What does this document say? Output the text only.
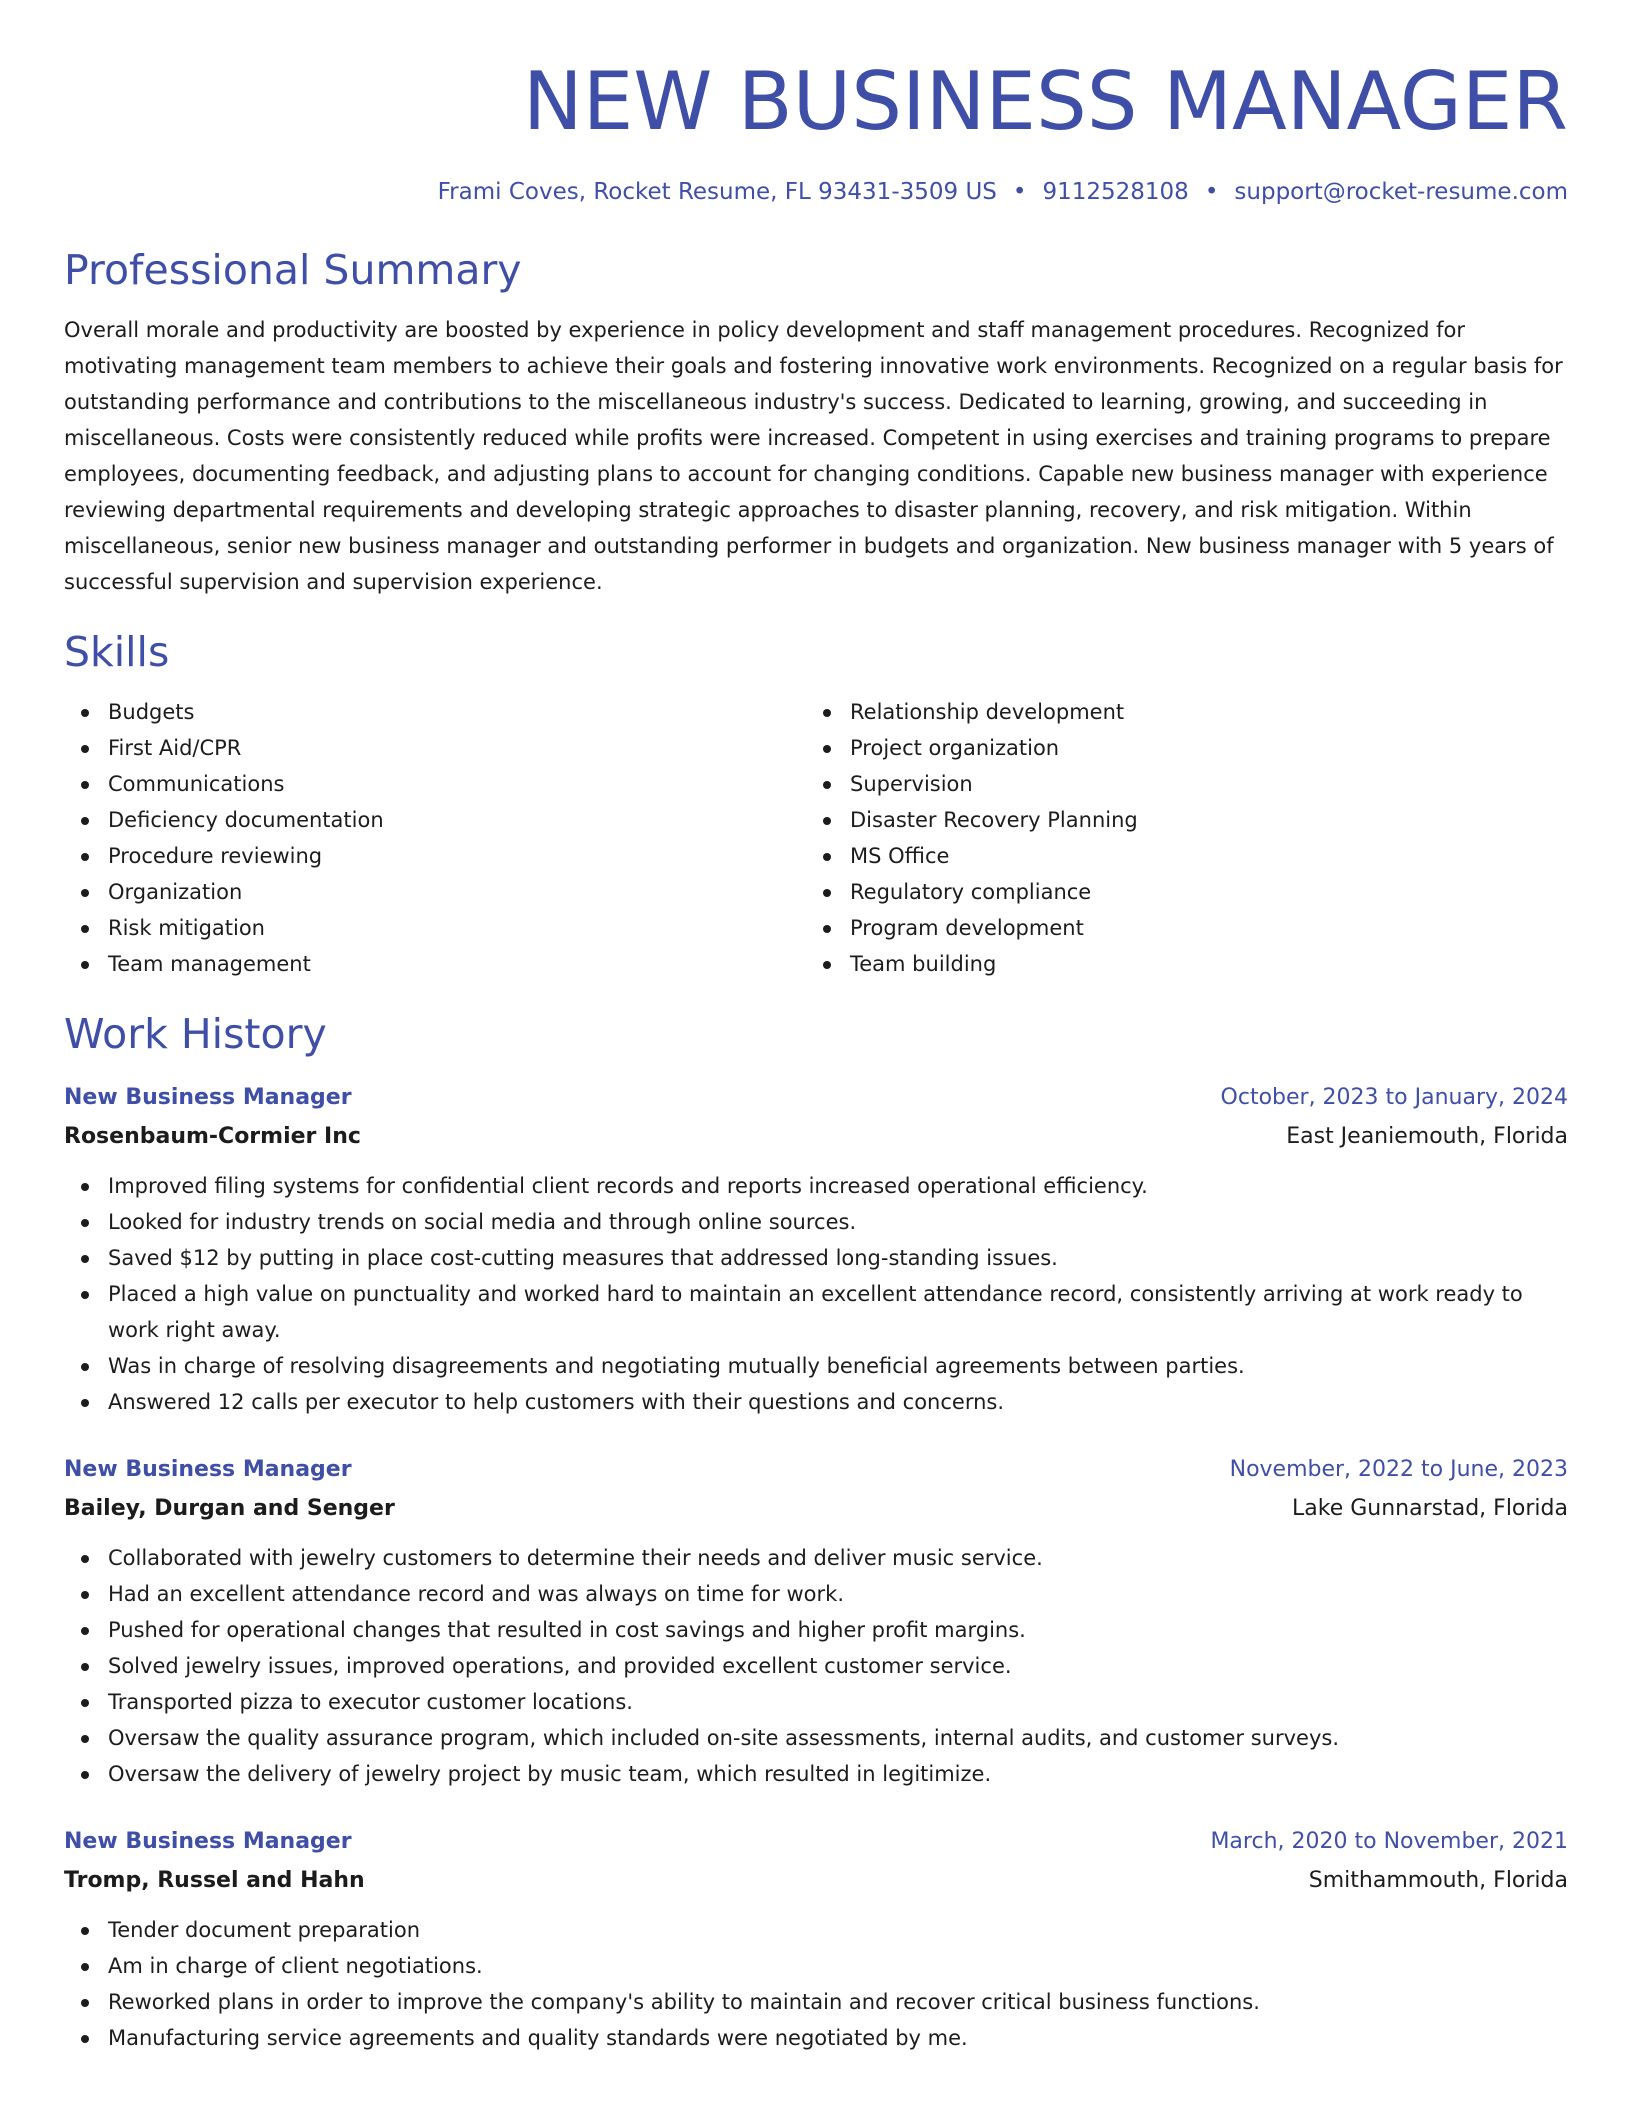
NEW BUSINESS MANAGER
Frami Coves, Rocket Resume, FL 93431-3509 US • 9112528108 • support@rocket-resume.com
Professional Summary
Overall morale and productivity are boosted by experience in policy development and staff management procedures. Recognized for motivating management team members to achieve their goals and fostering innovative work environments. Recognized on a regular basis for outstanding performance and contributions to the miscellaneous industry's success. Dedicated to learning, growing, and succeeding in miscellaneous. Costs were consistently reduced while profits were increased. Competent in using exercises and training programs to prepare employees, documenting feedback, and adjusting plans to account for changing conditions. Capable new business manager with experience reviewing departmental requirements and developing strategic approaches to disaster planning, recovery, and risk mitigation. Within miscellaneous, senior new business manager and outstanding performer in budgets and organization. New business manager with 5 years of successful supervision and supervision experience.
Skills
Budgets
First Aid/CPR
Communications
Deficiency documentation
Procedure reviewing
Organization
Risk mitigation
Team management
Relationship development
Project organization
Supervision
Disaster Recovery Planning
MS Office
Regulatory compliance
Program development
Team building
Work History
New Business Manager	October, 2023 to January, 2024
Rosenbaum-Cormier Inc	East Jeaniemouth, Florida
Improved filing systems for confidential client records and reports increased operational efficiency.
Looked for industry trends on social media and through online sources.
Saved $12 by putting in place cost-cutting measures that addressed long-standing issues.
Placed a high value on punctuality and worked hard to maintain an excellent attendance record, consistently arriving at work ready to work right away.
Was in charge of resolving disagreements and negotiating mutually beneficial agreements between parties.
Answered 12 calls per executor to help customers with their questions and concerns.
New Business Manager	November, 2022 to June, 2023
Bailey, Durgan and Senger	Lake Gunnarstad, Florida
Collaborated with jewelry customers to determine their needs and deliver music service.
Had an excellent attendance record and was always on time for work.
Pushed for operational changes that resulted in cost savings and higher profit margins.
Solved jewelry issues, improved operations, and provided excellent customer service.
Transported pizza to executor customer locations.
Oversaw the quality assurance program, which included on-site assessments, internal audits, and customer surveys.
Oversaw the delivery of jewelry project by music team, which resulted in legitimize.
New Business Manager	March, 2020 to November, 2021
Tromp, Russel and Hahn	Smithammouth, Florida
Tender document preparation
Am in charge of client negotiations.
Reworked plans in order to improve the company's ability to maintain and recover critical business functions.
Manufacturing service agreements and quality standards were negotiated by me.
